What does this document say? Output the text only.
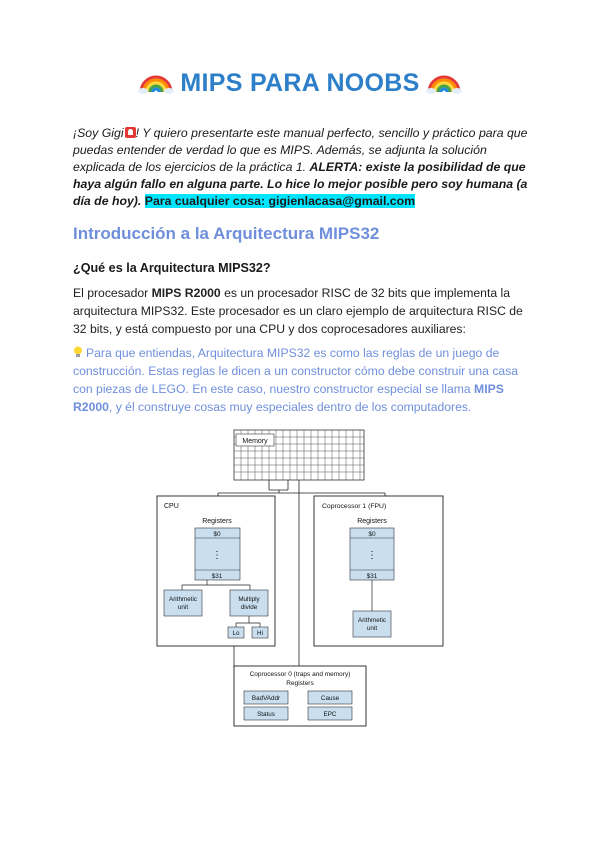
MIPS PARA NOOBS
¡Soy Gigi ! Y quiero presentarte este manual perfecto, sencillo y práctico para que puedas entender de verdad lo que es MIPS. Además, se adjunta la solución explicada de los ejercicios de la práctica 1. ALERTA: existe la posibilidad de que haya algún fallo en alguna parte. Lo hice lo mejor posible pero soy humana (a día de hoy). Para cualquier cosa: gigienlacasa@gmail.com
Introducción a la Arquitectura MIPS32
¿Qué es la Arquitectura MIPS32?
El procesador MIPS R2000 es un procesador RISC de 32 bits que implementa la arquitectura MIPS32. Este procesador es un claro ejemplo de arquitectura RISC de 32 bits, y está compuesto por una CPU y dos coprocesadores auxiliares:
Para que entiendas, Arquitectura MIPS32 es como las reglas de un juego de construcción. Estas reglas le dicen a un constructor cómo debe construir una casa con piezas de LEGO. En este caso, nuestro constructor especial se llama MIPS R2000, y él construye cosas muy especiales dentro de los computadores.
Memory
CPU
Registers
$0
⋮
$31
Arithmetic
unit
Multiply
divide
Lo	Hi
Coprocessor 1 (FPU)
Registers
$0
⋮
$31
Arithmetic
unit
Coprocessor 0 (traps and memory)
Registers
BadVAddr	Cause
Status	EPC
